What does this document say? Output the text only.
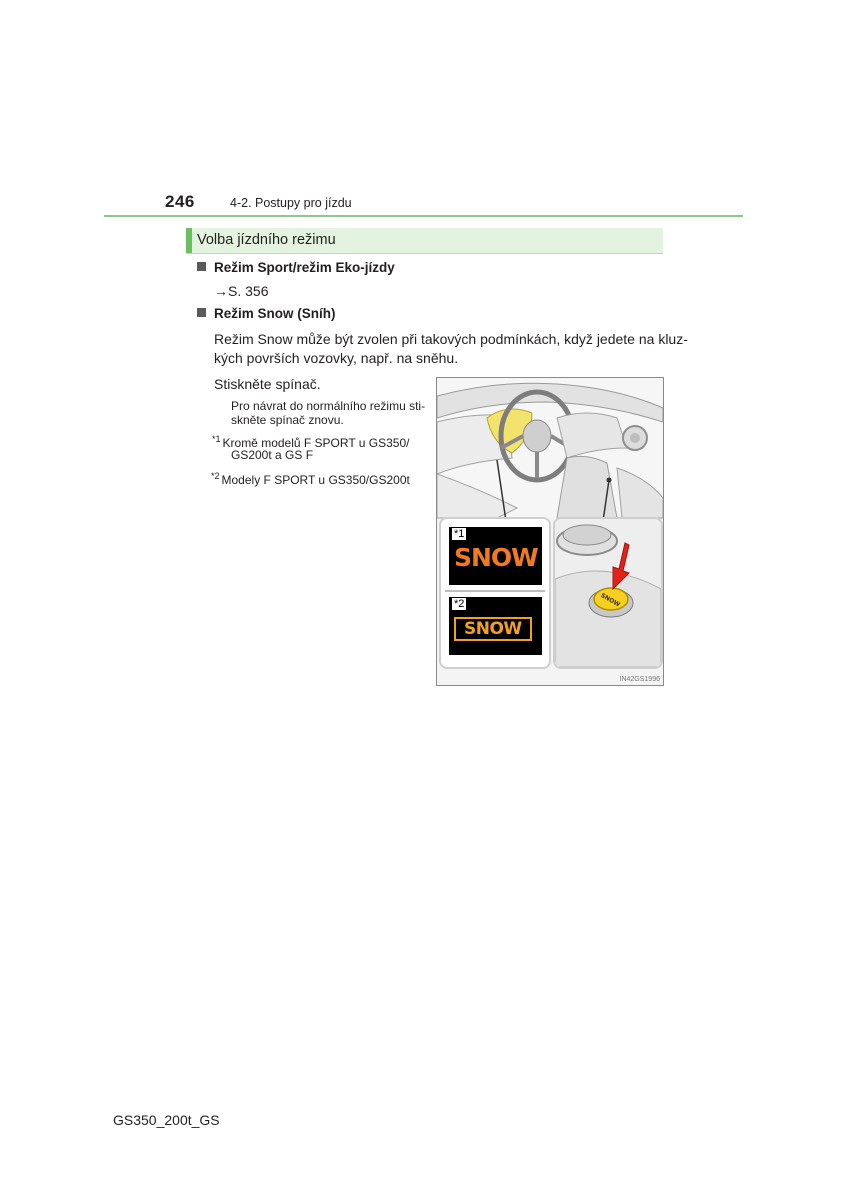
246	4-2. Postupy pro jízdu
Volba jízdního režimu
Režim Sport/režim Eko-jízdy
→S. 356
Režim Snow (Sníh)
Režim Snow může být zvolen při takových podmínkách, když jedete na kluz-
kých površích vozovky, např. na sněhu.
Stiskněte spínač.
Pro návrat do normálního režimu sti-
skněte spínač znovu.
$^{*1}$ Kromě modelů F SPORT u GS350/
GS200t a GS F
$^{*2}$ Modely F SPORT u GS350/GS200t
*1
SNOW
*2
SNOW
SNOW
IN42GS1996
GS350_200t_GS
